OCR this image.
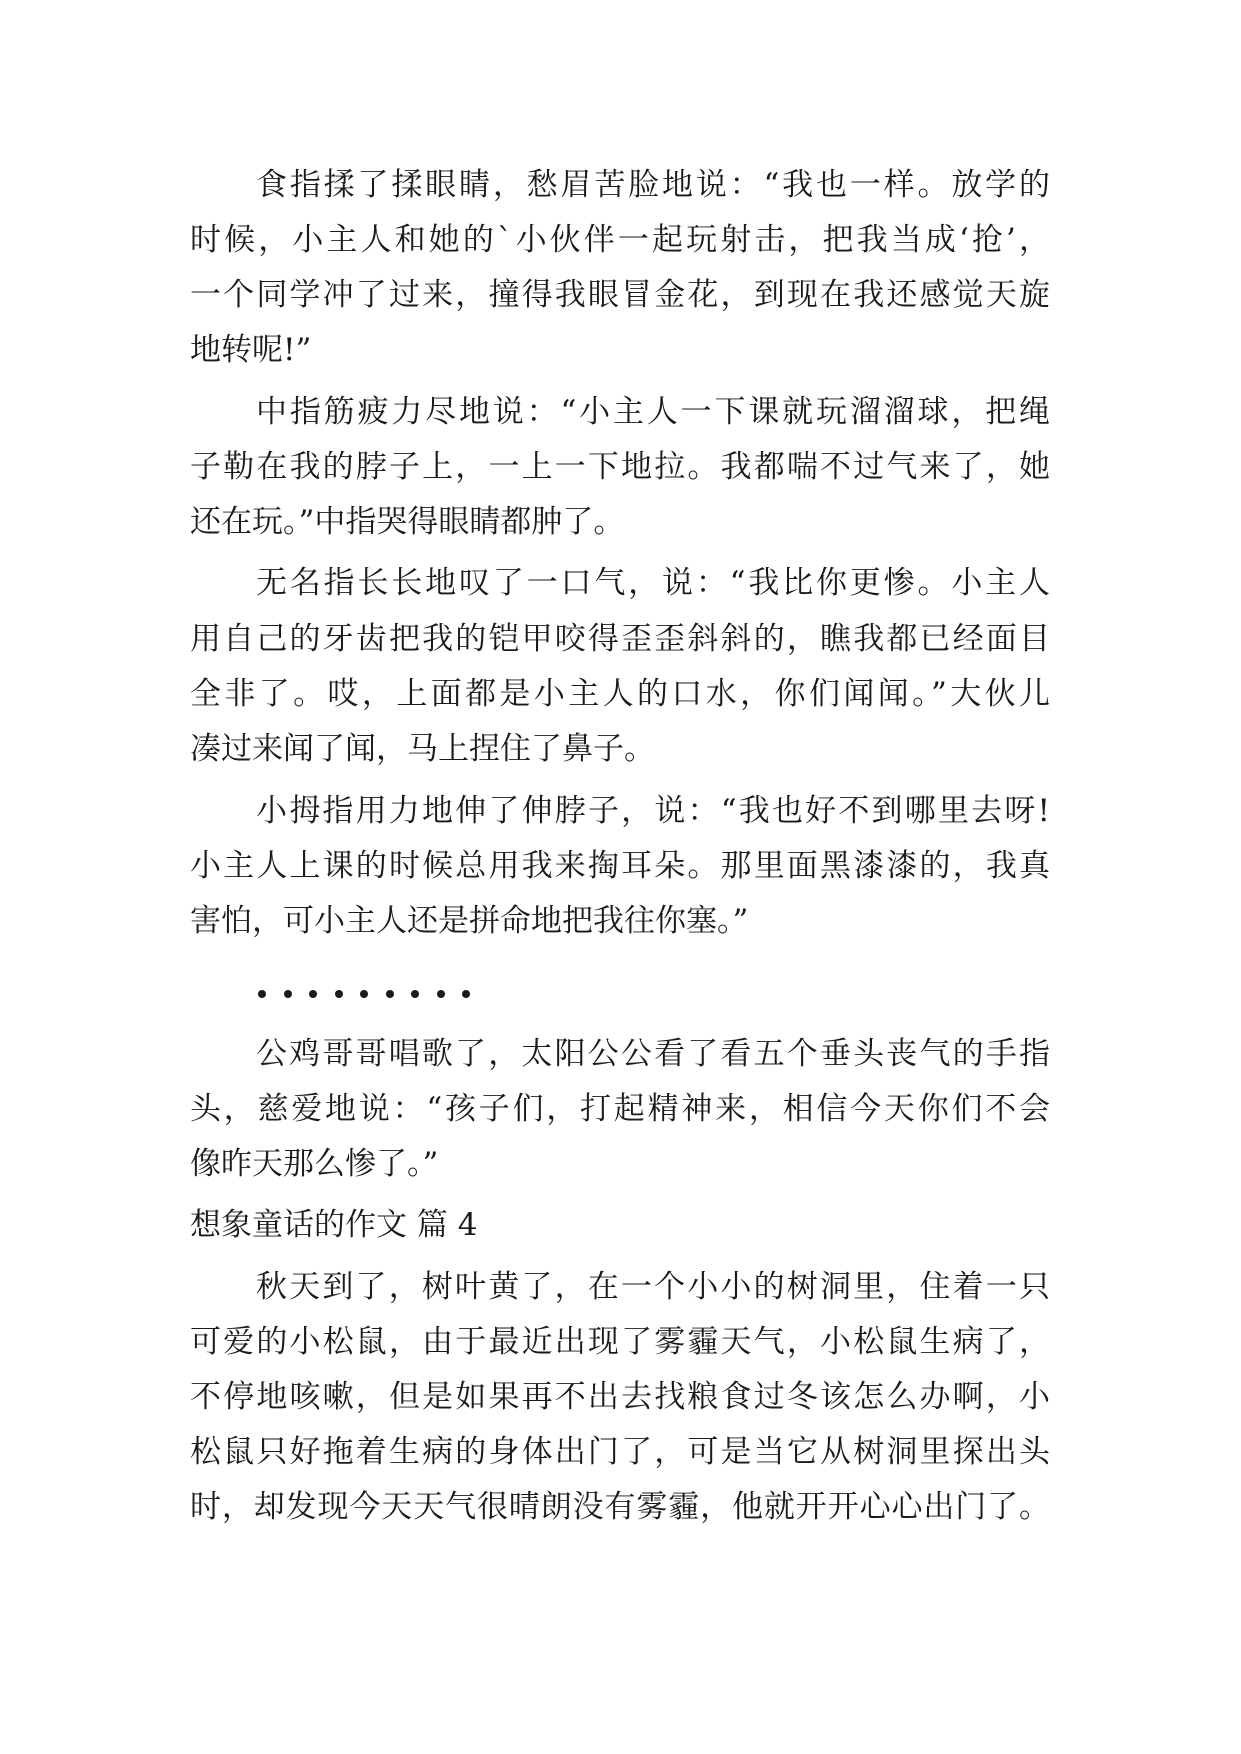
食指揉了揉眼睛，愁眉苦脸地说：“我也一样。放学的
时候，小主人和她的`小伙伴一起玩射击，把我当成‘抢’，
一个同学冲了过来，撞得我眼冒金花，到现在我还感觉天旋
地转呢!”
中指筋疲力尽地说：“小主人一下课就玩溜溜球，把绳
子勒在我的脖子上，一上一下地拉。我都喘不过气来了，她
还在玩。”中指哭得眼睛都肿了。
无名指长长地叹了一口气，说：“我比你更惨。小主人
用自己的牙齿把我的铠甲咬得歪歪斜斜的，瞧我都已经面目
全非了。哎，上面都是小主人的口水，你们闻闻。”大伙儿
凑过来闻了闻，马上捏住了鼻子。
小拇指用力地伸了伸脖子，说：“我也好不到哪里去呀!
小主人上课的时候总用我来掏耳朵。那里面黑漆漆的，我真
害怕，可小主人还是拼命地把我往你塞。”
公鸡哥哥唱歌了，太阳公公看了看五个垂头丧气的手指
头，慈爱地说：“孩子们，打起精神来，相信今天你们不会
像昨天那么惨了。”
想象童话的作文 篇 4
秋天到了，树叶黄了，在一个小小的树洞里，住着一只
可爱的小松鼠，由于最近出现了雾霾天气，小松鼠生病了，
不停地咳嗽，但是如果再不出去找粮食过冬该怎么办啊，小
松鼠只好拖着生病的身体出门了，可是当它从树洞里探出头
时，却发现今天天气很晴朗没有雾霾，他就开开心心出门了。
